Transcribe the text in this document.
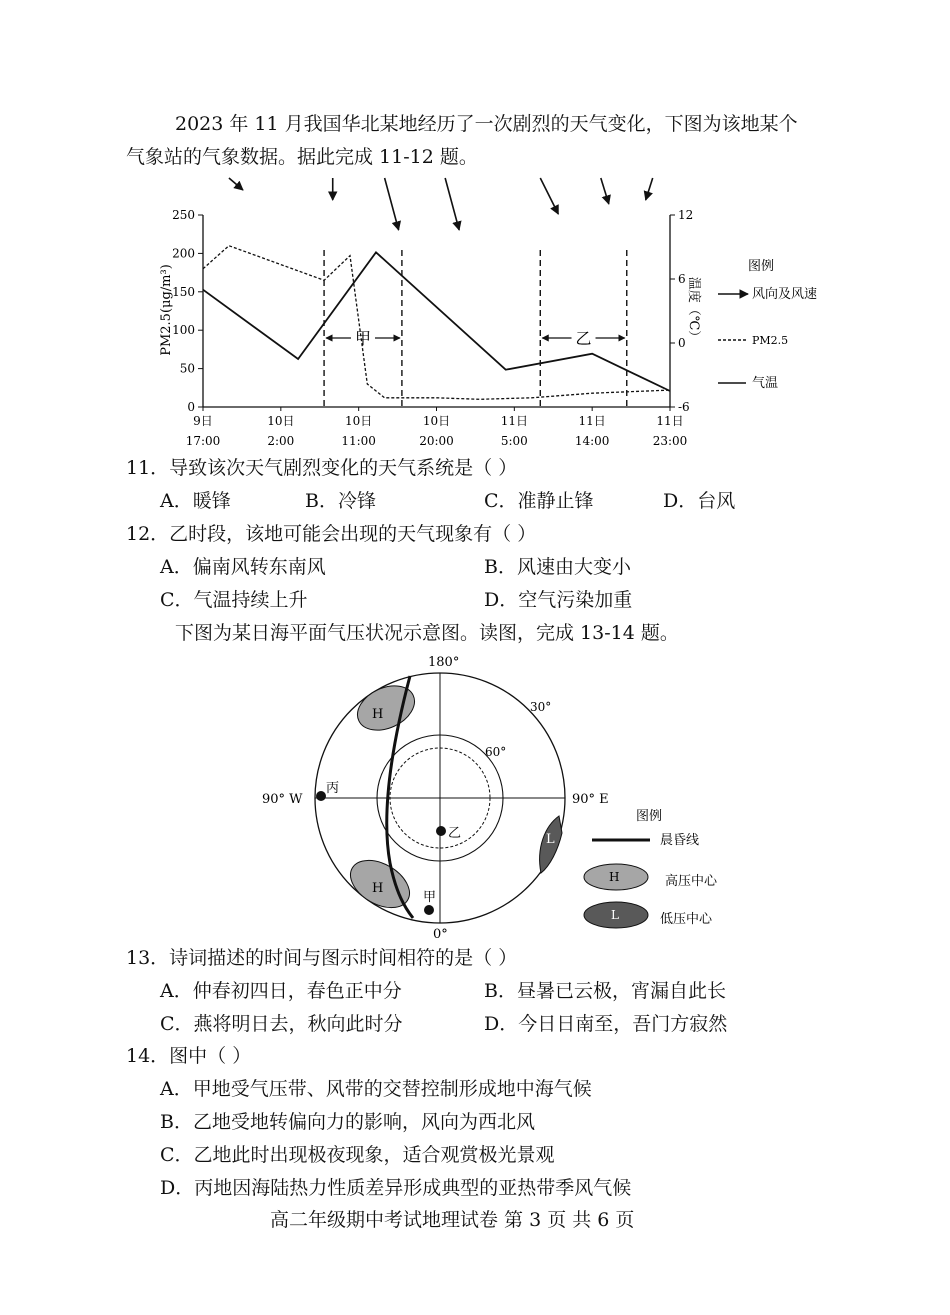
2023 年 11 月我国华北某地经历了一次剧烈的天气变化，下图为该地某个
气象站的气象数据。据此完成 11-12 题。
250
200
150
100
50
0
12
6
0
-6
9日
17:00
10日
2:00
10日
11:00
10日
20:00
11日
5:00
11日
14:00
11日
23:00
PM2.5(μg/m³)	温度（℃）
甲	乙
图例
风向及风速
PM2.5
气温
11．导致该次天气剧烈变化的天气系统是（ ）
A．暖锋	B．冷锋	C．准静止锋	D．台风
12．乙时段，该地可能会出现的天气现象有（ ）
A．偏南风转东南风	B．风速由大变小
C．气温持续上升	D．空气污染加重
下图为某日海平面气压状况示意图。读图，完成 13-14 题。
180°
0°
90° W	90° E
30°
60°
H
H
L
丙
乙
甲
图例
晨昏线
H	高压中心
L	低压中心
13．诗词描述的时间与图示时间相符的是（ ）
A．仲春初四日，春色正中分	B．昼暑已云极，宵漏自此长
C．燕将明日去，秋向此时分	D．今日日南至，吾门方寂然
14．图中（ ）
A．甲地受气压带、风带的交替控制形成地中海气候
B．乙地受地转偏向力的影响，风向为西北风
C．乙地此时出现极夜现象，适合观赏极光景观
D．丙地因海陆热力性质差异形成典型的亚热带季风气候
高二年级期中考试地理试卷 第 3 页 共 6 页
